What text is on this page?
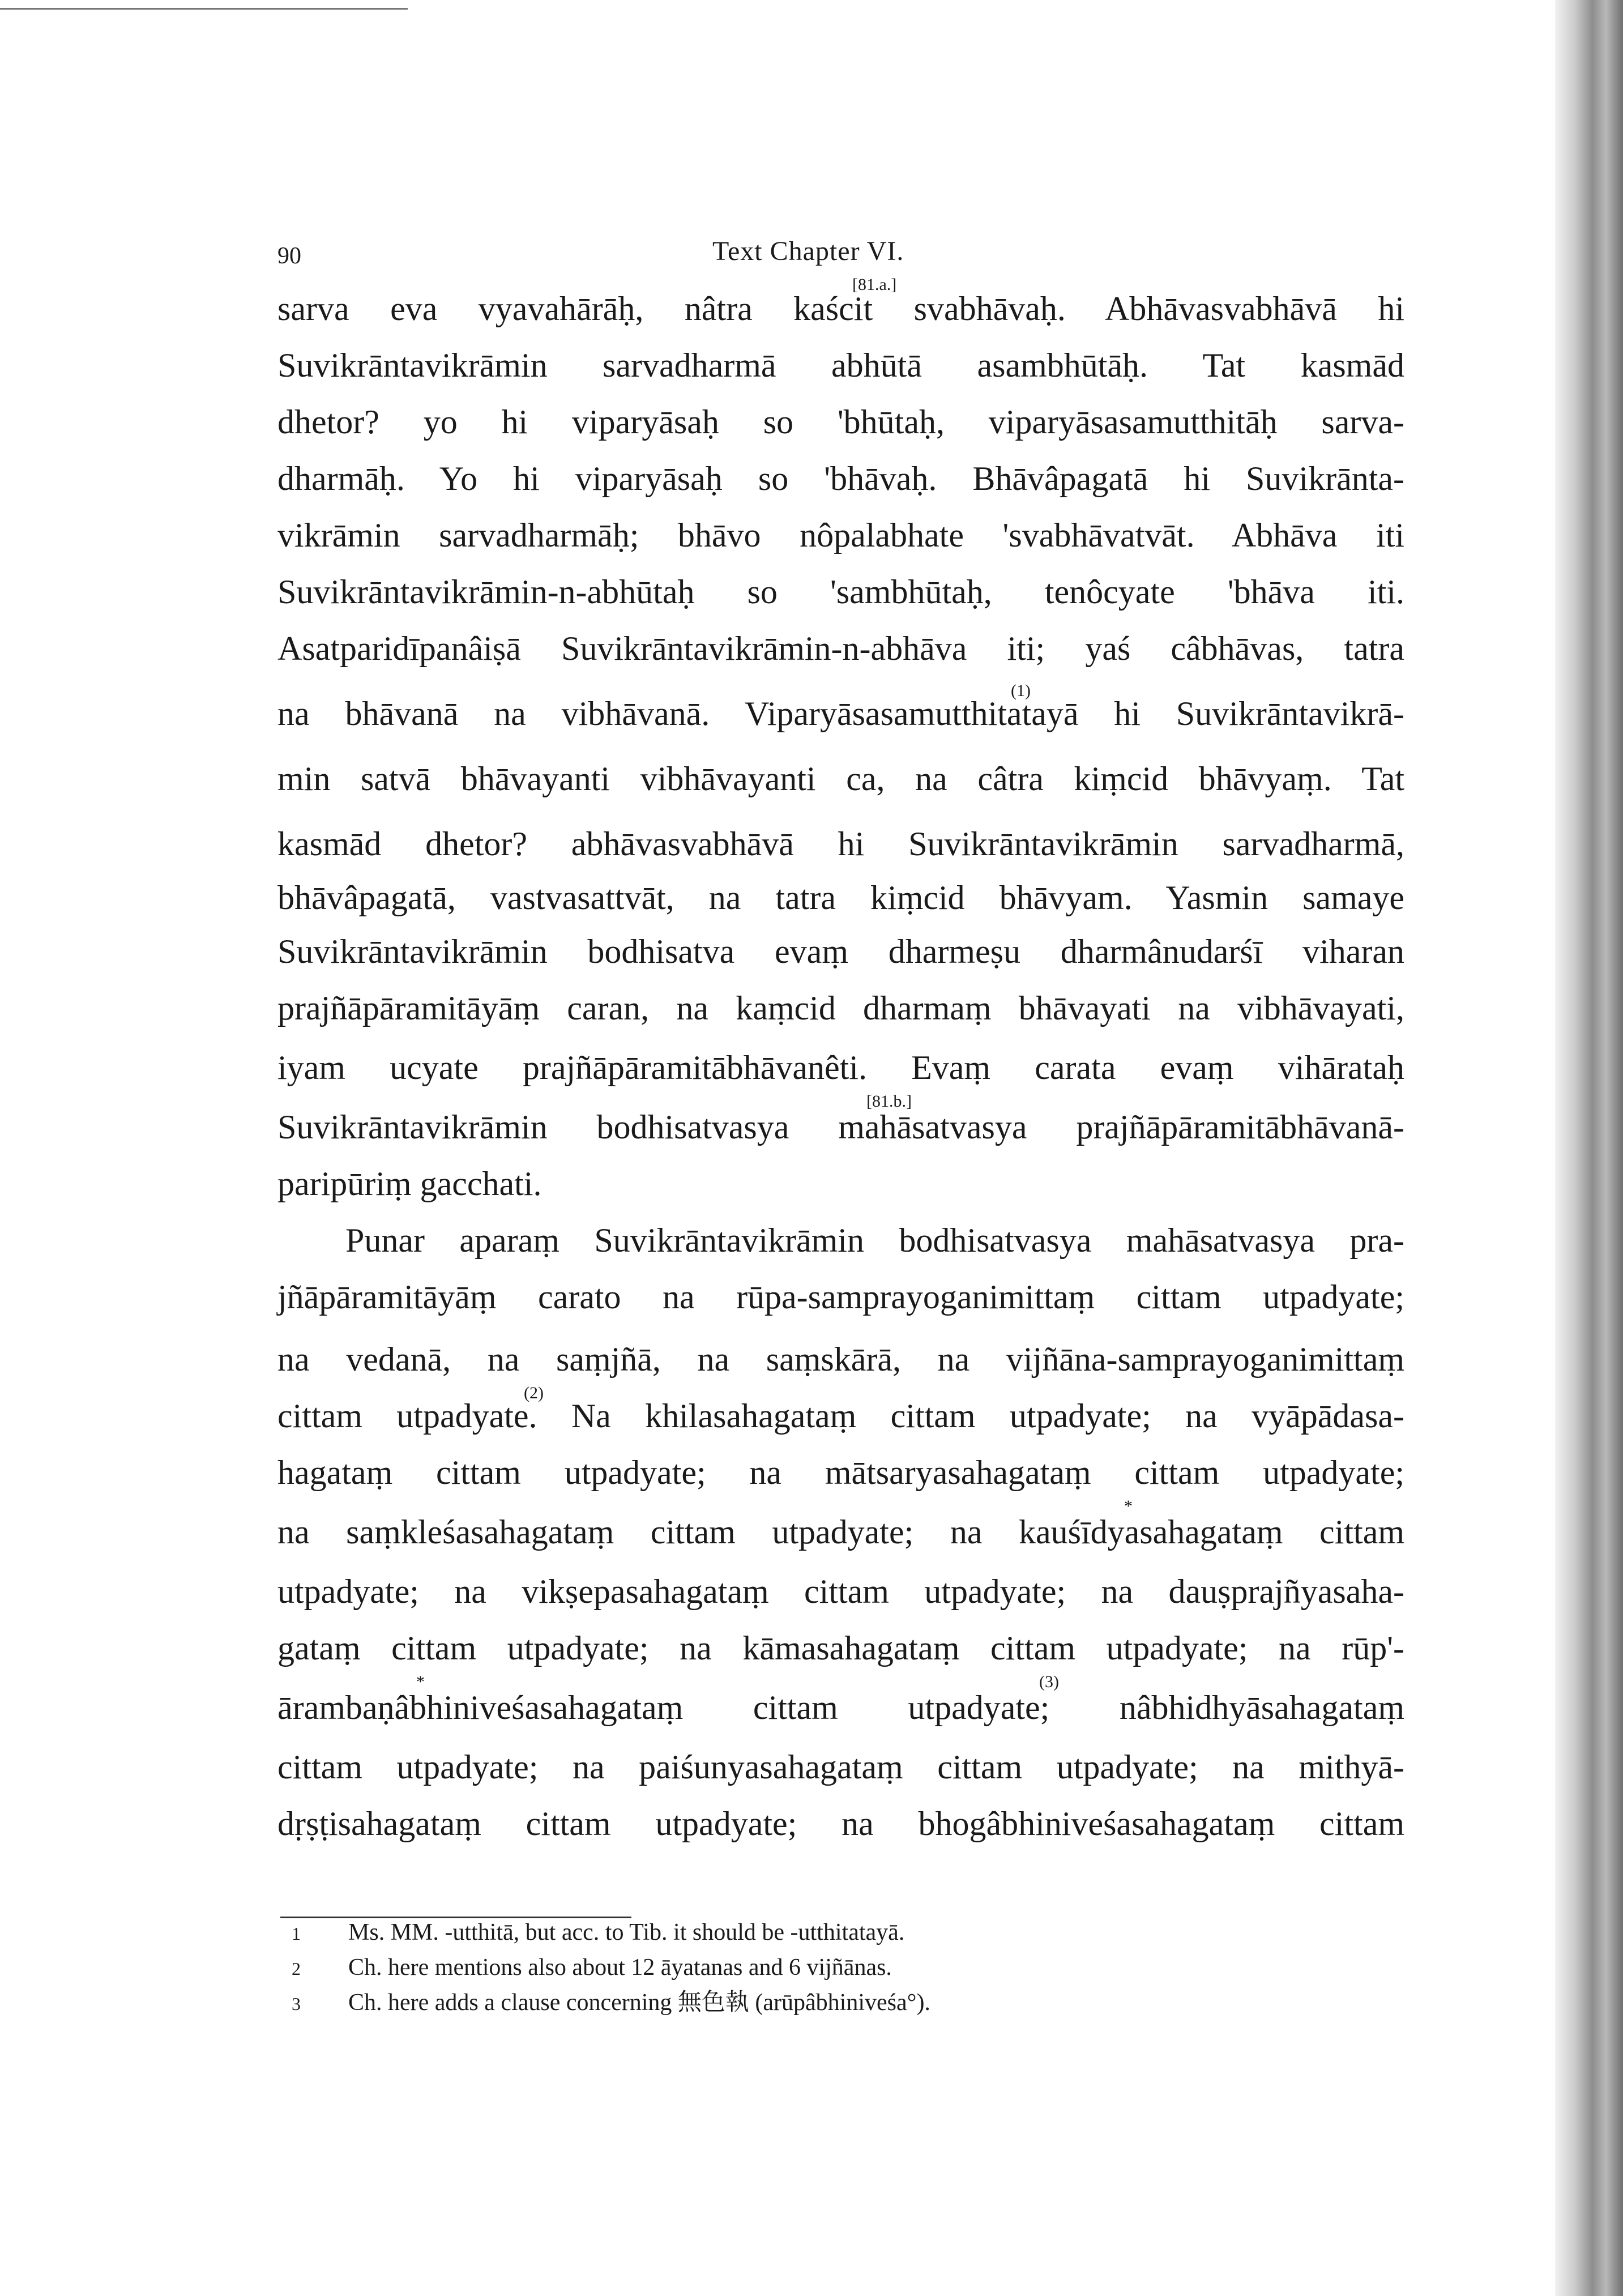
90	Text Chapter VI.
[81.a.]
sarva eva vyavahārāḥ, nâtra kaścit svabhāvaḥ. Abhāvasvabhāvā hi
Suvikrāntavikrāmin sarvadharmā abhūtā asambhūtāḥ. Tat kasmād
dhetor? yo hi viparyāsaḥ so 'bhūtaḥ, viparyāsasamutthitāḥ sarva-
dharmāḥ. Yo hi viparyāsaḥ so 'bhāvaḥ. Bhāvâpagatā hi Suvikrānta-
vikrāmin sarvadharmāḥ; bhāvo nôpalabhate 'svabhāvatvāt. Abhāva iti
Suvikrāntavikrāmin-n-abhūtaḥ so 'sambhūtaḥ, tenôcyate 'bhāva iti.
Asatparidīpanâiṣā Suvikrāntavikrāmin-n-abhāva iti; yaś câbhāvas, tatra
(1)
na bhāvanā na vibhāvanā. Viparyāsasamutthitatayā hi Suvikrāntavikrā-
min satvā bhāvayanti vibhāvayanti ca, na câtra kiṃcid bhāvyaṃ. Tat
kasmād dhetor? abhāvasvabhāvā hi Suvikrāntavikrāmin sarvadharmā,
bhāvâpagatā, vastvasattvāt, na tatra kiṃcid bhāvyam. Yasmin samaye
Suvikrāntavikrāmin bodhisatva evaṃ dharmeṣu dharmânudarśī viharan
prajñāpāramitāyāṃ caran, na kaṃcid dharmaṃ bhāvayati na vibhāvayati,
iyam ucyate prajñāpāramitābhāvanêti. Evaṃ carata evaṃ vihārataḥ
[81.b.]
Suvikrāntavikrāmin bodhisatvasya mahāsatvasya prajñāpāramitābhāvanā-
paripūriṃ gacchati.
Punar aparaṃ Suvikrāntavikrāmin bodhisatvasya mahāsatvasya pra-
jñāpāramitāyāṃ carato na rūpa-samprayoganimittaṃ cittam utpadyate;
na vedanā, na saṃjñā, na saṃskārā, na vijñāna-samprayoganimittaṃ
(2)
cittam utpadyate. Na khilasahagataṃ cittam utpadyate; na vyāpādasa-
hagataṃ cittam utpadyate; na mātsaryasahagataṃ cittam utpadyate;
*
na saṃkleśasahagataṃ cittam utpadyate; na kauśīdyasahagataṃ cittam
utpadyate; na vikṣepasahagataṃ cittam utpadyate; na dauṣprajñyasaha-
gataṃ cittam utpadyate; na kāmasahagataṃ cittam utpadyate; na rūp'-
*	(3)
ārambaṇâbhiniveśasahagataṃ cittam utpadyate; nâbhidhyāsahagataṃ
cittam utpadyate; na paiśunyasahagataṃ cittam utpadyate; na mithyā-
dṛṣṭisahagataṃ cittam utpadyate; na bhogâbhiniveśasahagataṃ cittam
1 Ms. MM. -utthitā, but acc. to Tib. it should be -utthitatayā.
2 Ch. here mentions also about 12 āyatanas and 6 vijñānas.
3 Ch. here adds a clause concerning 無色執 (arūpâbhiniveśa°).
